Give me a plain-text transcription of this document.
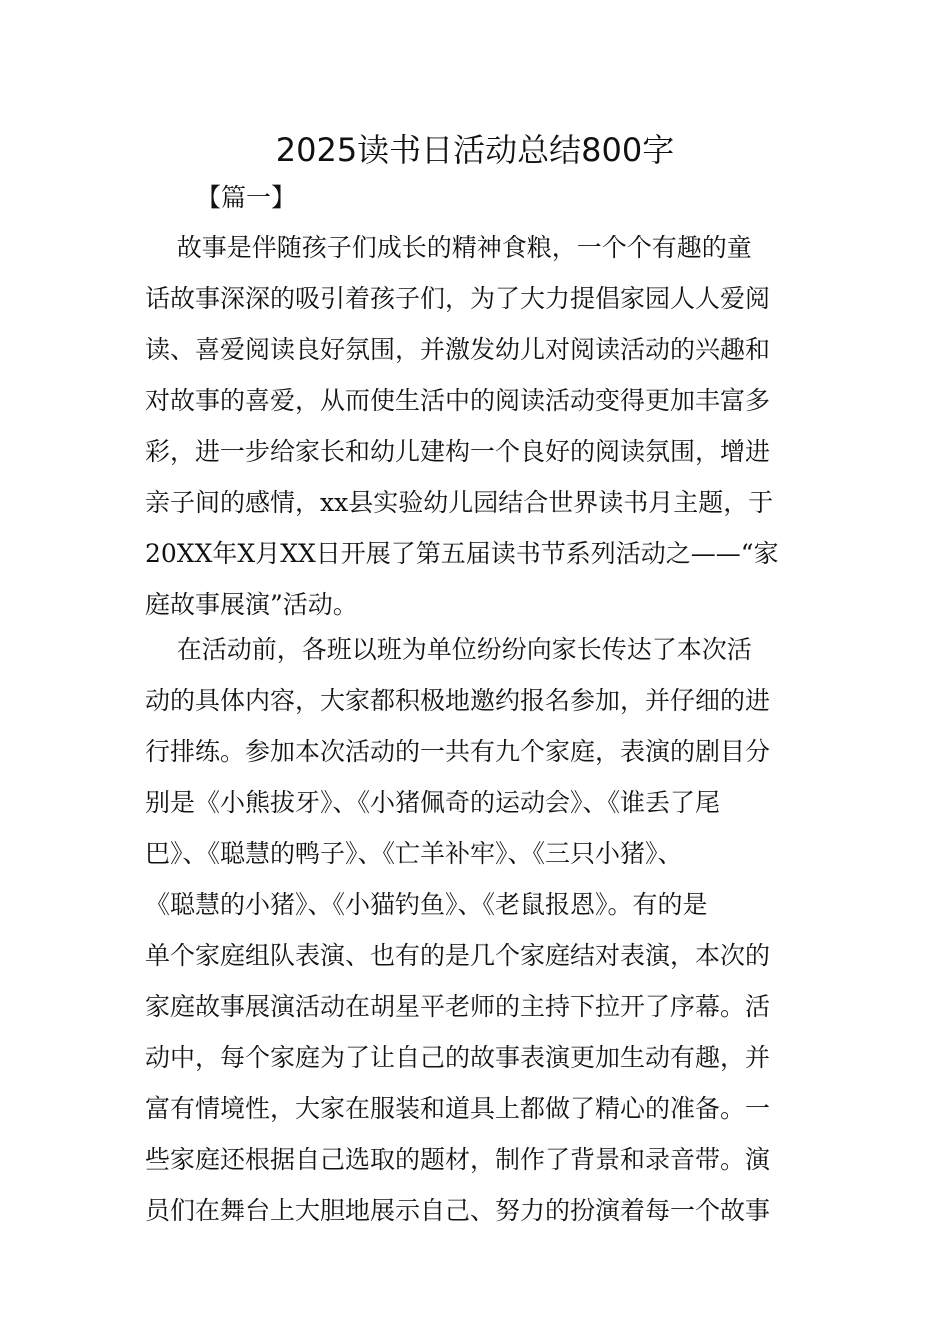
2025读书日活动总结800字
【篇一】
故事是伴随孩子们成长的精神食粮，一个个有趣的童
话故事深深的吸引着孩子们，为了大力提倡家园人人爱阅
读、喜爱阅读良好氛围，并激发幼儿对阅读活动的兴趣和
对故事的喜爱，从而使生活中的阅读活动变得更加丰富多
彩，进一步给家长和幼儿建构一个良好的阅读氛围，增进
亲子间的感情，xx县实验幼儿园结合世界读书月主题，于
20XX年X月XX日开展了第五届读书节系列活动之——“家
庭故事展演”活动。
在活动前，各班以班为单位纷纷向家长传达了本次活
动的具体内容，大家都积极地邀约报名参加，并仔细的进
行排练。参加本次活动的一共有九个家庭，表演的剧目分
别是《小熊拔牙》、《小猪佩奇的运动会》、《谁丢了尾
巴》、《聪慧的鸭子》、《亡羊补牢》、《三只小猪》、
《聪慧的小猪》、《小猫钓鱼》、《老鼠报恩》。有的是
单个家庭组队表演、也有的是几个家庭结对表演，本次的
家庭故事展演活动在胡星平老师的主持下拉开了序幕。活
动中，每个家庭为了让自己的故事表演更加生动有趣，并
富有情境性，大家在服装和道具上都做了精心的准备。一
些家庭还根据自己选取的题材，制作了背景和录音带。演
员们在舞台上大胆地展示自己、努力的扮演着每一个故事
